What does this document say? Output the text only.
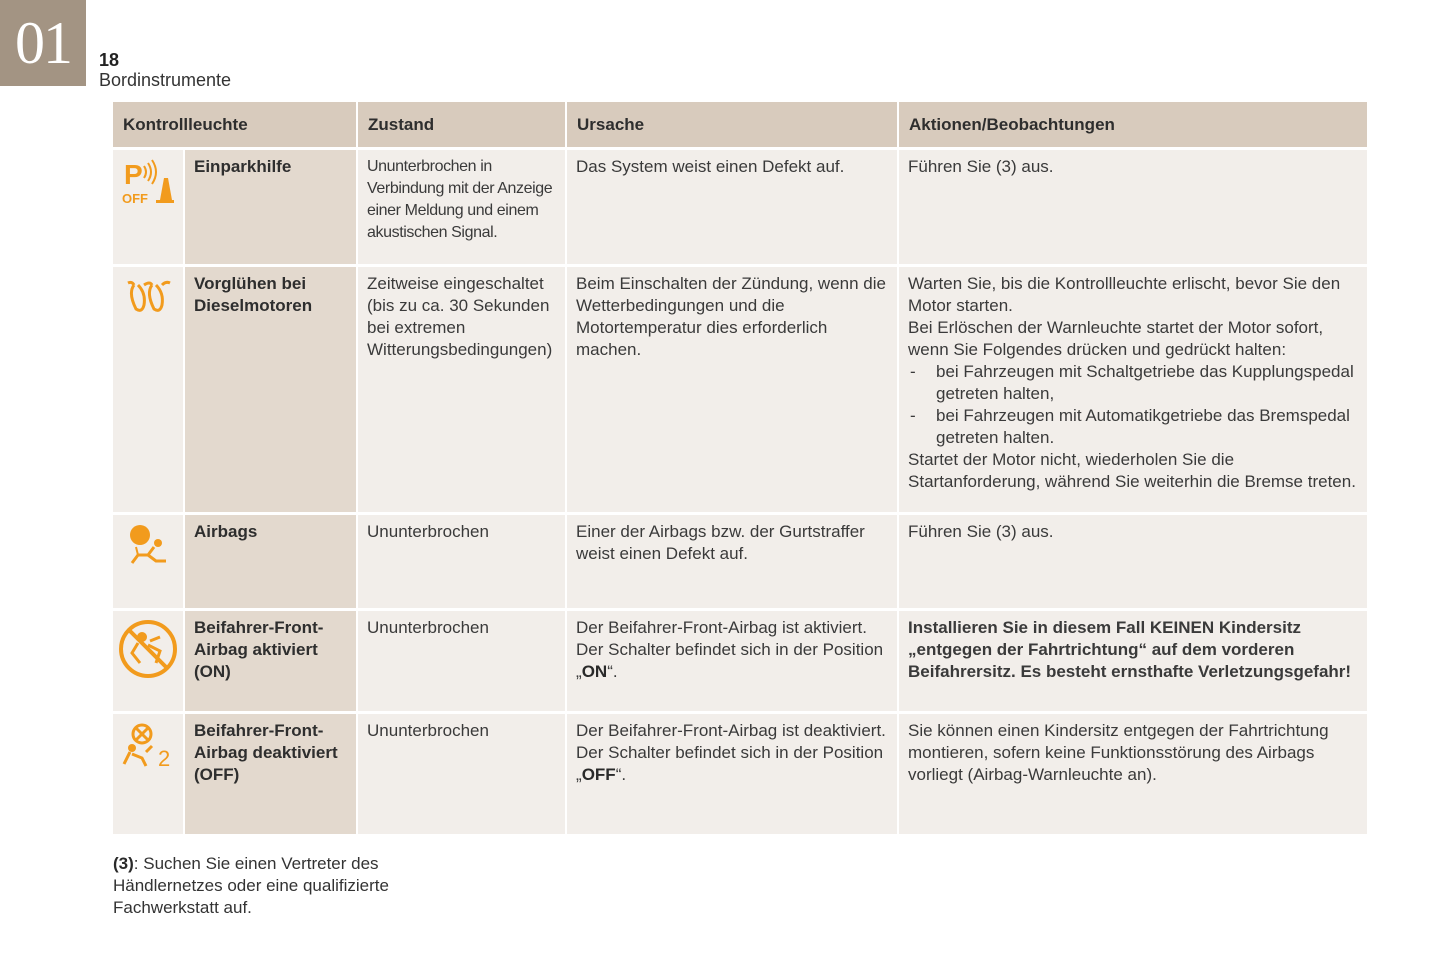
01	18
Bordinstrumente
Kontrollleuchte		Zustand	Ursache	Aktionen/Beobachtungen

P
OFF	Einparkhilfe	Ununterbrochen in Verbindung mit der Anzeige einer Meldung und einem akustischen Signal.	Das System weist einen Defekt auf.	Führen Sie (3) aus.
	Vorglühen bei Dieselmotoren	Zeitweise eingeschaltet (bis zu ca. 30 Sekunden bei extremen Witterungsbedingungen)	Beim Einschalten der Zündung, wenn die Wetterbedingungen und die Motortemperatur dies erforderlich machen.	Warten Sie, bis die Kontrollleuchte erlischt, bevor Sie den Motor starten.
Bei Erlöschen der Warnleuchte startet der Motor sofort, wenn Sie Folgendes drücken und gedrückt halten:
- bei Fahrzeugen mit Schaltgetriebe das Kupplungspedal getreten halten,
- bei Fahrzeugen mit Automatikgetriebe das Bremspedal getreten halten.
Startet der Motor nicht, wiederholen Sie die Startanforderung, während Sie weiterhin die Bremse treten.

	Airbags	Ununterbrochen	Einer der Airbags bzw. der Gurtstraffer weist einen Defekt auf.	Führen Sie (3) aus.
	Beifahrer-Front-Airbag aktiviert (ON)	Ununterbrochen	Der Beifahrer-Front-Airbag ist aktiviert.
Der Schalter befindet sich in der Position „ON“.	Installieren Sie in diesem Fall KEINEN Kindersitz „entgegen der Fahrtrichtung“ auf dem vorderen Beifahrersitz. Es besteht ernsthafte Verletzungsgefahr!

2	Beifahrer-Front-Airbag deaktiviert (OFF)	Ununterbrochen	Der Beifahrer-Front-Airbag ist deaktiviert.
Der Schalter befindet sich in der Position „OFF“.	Sie können einen Kindersitz entgegen der Fahrtrichtung montieren, sofern keine Funktionsstörung des Airbags vorliegt (Airbag-Warnleuchte an).
(3): Suchen Sie einen Vertreter des Händlernetzes oder eine qualifizierte Fachwerkstatt auf.
